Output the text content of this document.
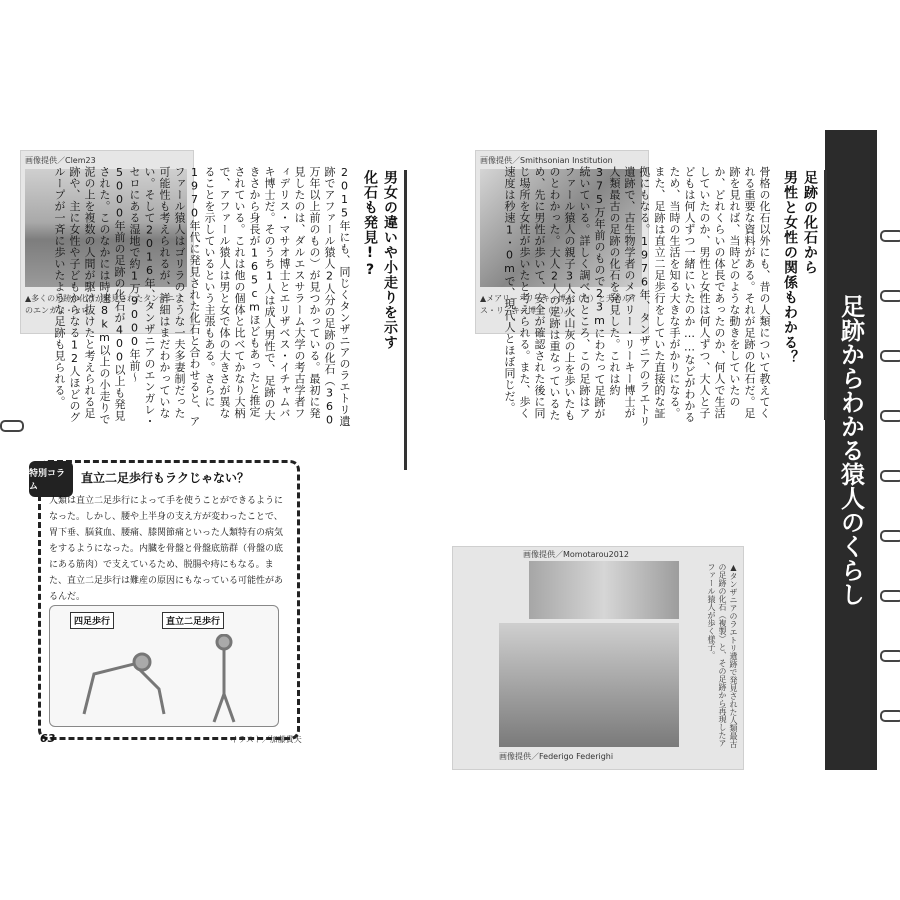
画像提供／Clem23
▲多くの足跡の化石が発見されたタンザニアのエンガレ・セロ。	男女の違いや小走りを示す
化石も発見!?
2015年にも、同じくタンザニアのラエトリ遺跡でアファール猿人2人分の足跡の化石（360万年以上前のもの）が見つかっている。最初に発見したのは、ダルエスサラーム大学の考古学者フィデリス・マサオ博士とエリザベス・イチャムバキ博士だ。そのうち1人は成人男性で、足跡の大きさから身長が165cmほどもあったと推定されている。これは他の個体と比べてかなり大柄で、アファール猿人は男と女で体の大きさが異なることを示しているという主張もある。さらに1970年代に発見された化石と合わせると、アファール猿人はゴリラのような一夫多妻制だった可能性も考えられるが、詳細はまだわかっていない。そして2016年、タンザニアのエンガレ・セロにある湿地で約1万9000年前〜5000年前の足跡の化石が400以上も発見された。このなかには時速8km以上の小走りで泥の上を複数の人間が駆け抜けたと考えられる足跡や、主に女性や子どもからなる12人ほどのグループが一斉に歩いたような足跡も見られる。
特別コラム
直立二足歩行もラクじゃない？
人類は直立二足歩行によって手を使うことができるようになった。しかし、腰や上半身の支え方が変わったことで、胃下垂、脳貧血、腰痛、膝関節痛といった人類特有の病気をするようになった。内臓を骨盤と骨盤底筋群（骨盤の底にある筋肉）で支えているため、脱腸や痔にもなる。また、直立二足歩行は難産の原因にもなっている可能性があるんだ。
四足歩行	直立二足歩行
63	イラスト／加藤貴夫
足跡からわかる猿人のくらし
画像提供／Smithsonian Institution
▲メアリー・リーキー博士（右）と夫のルイス・リーキー博士（左）。
足跡の化石から
男性と女性の関係もわかる？
骨格の化石以外にも、昔の人類について教えてくれる重要な資料がある。それが足跡の化石だ。足跡を見れば、当時どのような動きをしていたのか、どれくらいの体長であったのか、何人で生活していたのか、男性と女性は何人ずつ、大人と子どもは何人ずつ一緒にいたのか……などがわかるため、当時の生活を知る大きな手がかりになる。また、足跡は直立二足歩行をしていた直接的な証拠にもなる。1976年、タンザニアのラエトリ遺跡で、古生物学者のメアリー・リーキー博士が人類最古の足跡の化石を発見した。これは約375万年前のもので23mにわたって足跡が続いている。詳しく調べたところ、この足跡はアファール猿人の親子3人が火山灰の上を歩いたものとわかった。大人2人の足跡は重なっているため、先に男性が歩いて、安全が確認された後に同じ場所を女性が歩いたと考えられる。また、歩く速度は秒速1・0mで、現代人とほぼ同じだ。
画像提供／Momotarou2012
▲タンザニアのラエトリ遺跡で発見された人類最古の足跡の化石（複製）と、その足跡から再現したアファール猿人が歩く様子。
画像提供／Federigo Federighi
